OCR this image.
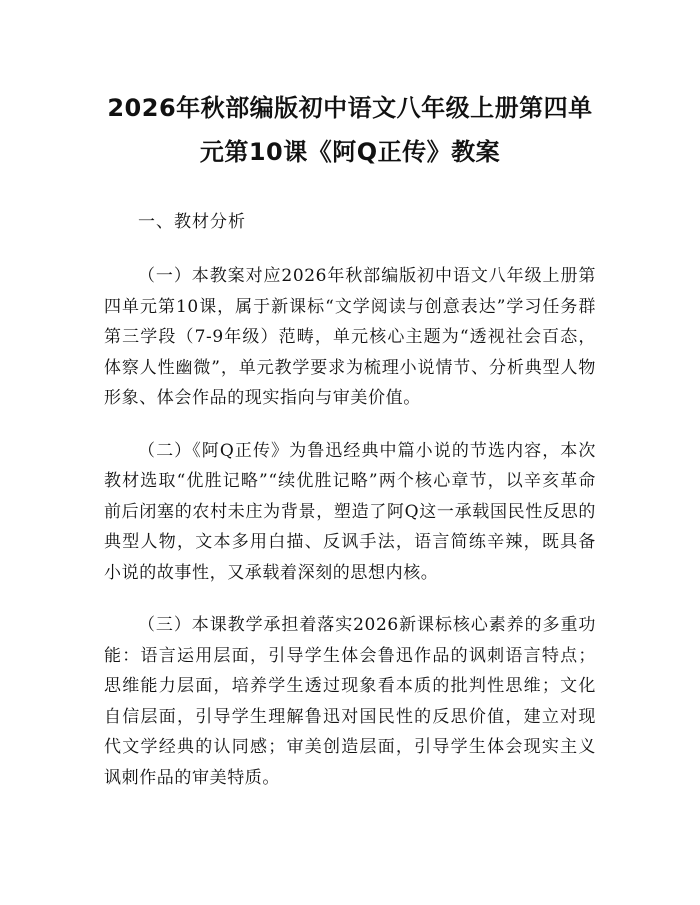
2026年秋部编版初中语文八年级上册第四单
元第10课《阿Q正传》教案

一、教材分析

（一）本教案对应2026年秋部编版初中语文八年级上册第四单元第10课，属于新课标“文学阅读与创意表达”学习任务群第三学段（7-9年级）范畴，单元核心主题为“透视社会百态，体察人性幽微”，单元教学要求为梳理小说情节、分析典型人物形象、体会作品的现实指向与审美价值。

（二）《阿Q正传》为鲁迅经典中篇小说的节选内容，本次教材选取“优胜记略”“续优胜记略”两个核心章节，以辛亥革命前后闭塞的农村未庄为背景，塑造了阿Q这一承载国民性反思的典型人物，文本多用白描、反讽手法，语言简练辛辣，既具备小说的故事性，又承载着深刻的思想内核。

（三）本课教学承担着落实2026新课标核心素养的多重功能：语言运用层面，引导学生体会鲁迅作品的讽刺语言特点；思维能力层面，培养学生透过现象看本质的批判性思维；文化自信层面，引导学生理解鲁迅对国民性的反思价值，建立对现代文学经典的认同感；审美创造层面，引导学生体会现实主义讽刺作品的审美特质。
